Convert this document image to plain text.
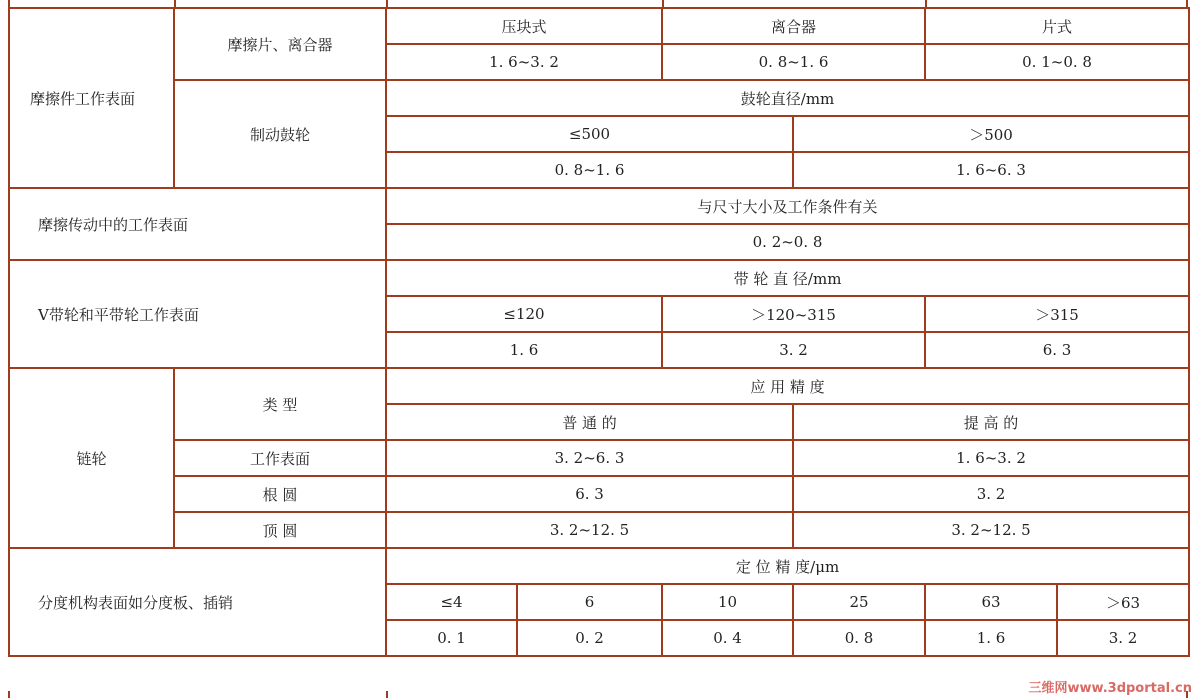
摩擦件工作表面	摩擦片、离合器	压块式		离合器		片式	
		1. 6~3. 2		0. 8~1. 6		0. 1~0. 8	
	制动鼓轮	鼓轮直径/mm					
		≤500			＞500		
		0. 8~1. 6			1. 6~6. 3		
摩擦传动中的工作表面		与尺寸大小及工作条件有关					
		0. 2~0. 8					
V带轮和平带轮工作表面		带 轮 直 径/mm					
		≤120		＞120~315		＞315	
		1. 6		3. 2		6. 3	
链轮	类 型	应 用 精 度					
		普 通 的			提 高 的		
	工作表面	3. 2~6. 3			1. 6~3. 2		
	根 圆	6. 3			3. 2		
	顶 圆	3. 2~12. 5			3. 2~12. 5		
分度机构表面如分度板、插销		定 位 精 度/μm					
		≤4	6	10	25	63	＞63
		0. 1	0. 2	0. 4	0. 8	1. 6	3. 2
三维网www.3dportal.cn
